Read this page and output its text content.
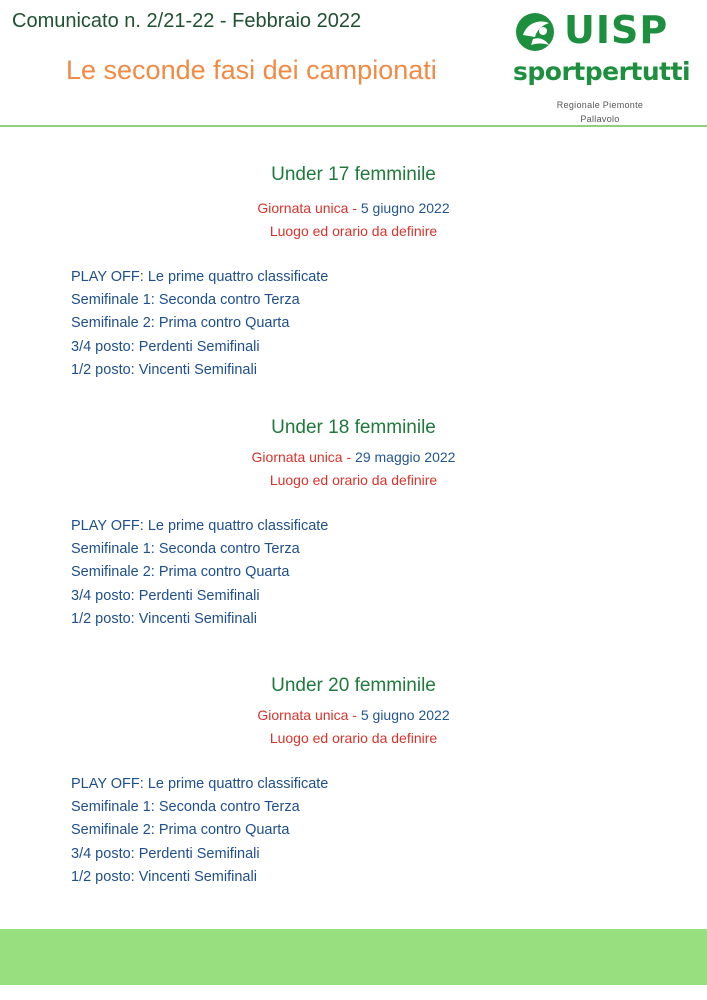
Comunicato n. 2/21-22 - Febbraio 2022
Le seconde fasi dei campionati
UISP
sportpertutti
Regionale Piemonte
Pallavolo
Under 17 femminile
Giornata unica - 5 giugno 2022
Luogo ed orario da definire
PLAY OFF: Le prime quattro classificate
Semifinale 1: Seconda contro Terza
Semifinale 2: Prima contro Quarta
3/4 posto: Perdenti Semifinali
1/2 posto: Vincenti Semifinali
Under 18 femminile
Giornata unica - 29 maggio 2022
Luogo ed orario da definire
PLAY OFF: Le prime quattro classificate
Semifinale 1: Seconda contro Terza
Semifinale 2: Prima contro Quarta
3/4 posto: Perdenti Semifinali
1/2 posto: Vincenti Semifinali
Under 20 femminile
Giornata unica - 5 giugno 2022
Luogo ed orario da definire
PLAY OFF: Le prime quattro classificate
Semifinale 1: Seconda contro Terza
Semifinale 2: Prima contro Quarta
3/4 posto: Perdenti Semifinali
1/2 posto: Vincenti Semifinali
